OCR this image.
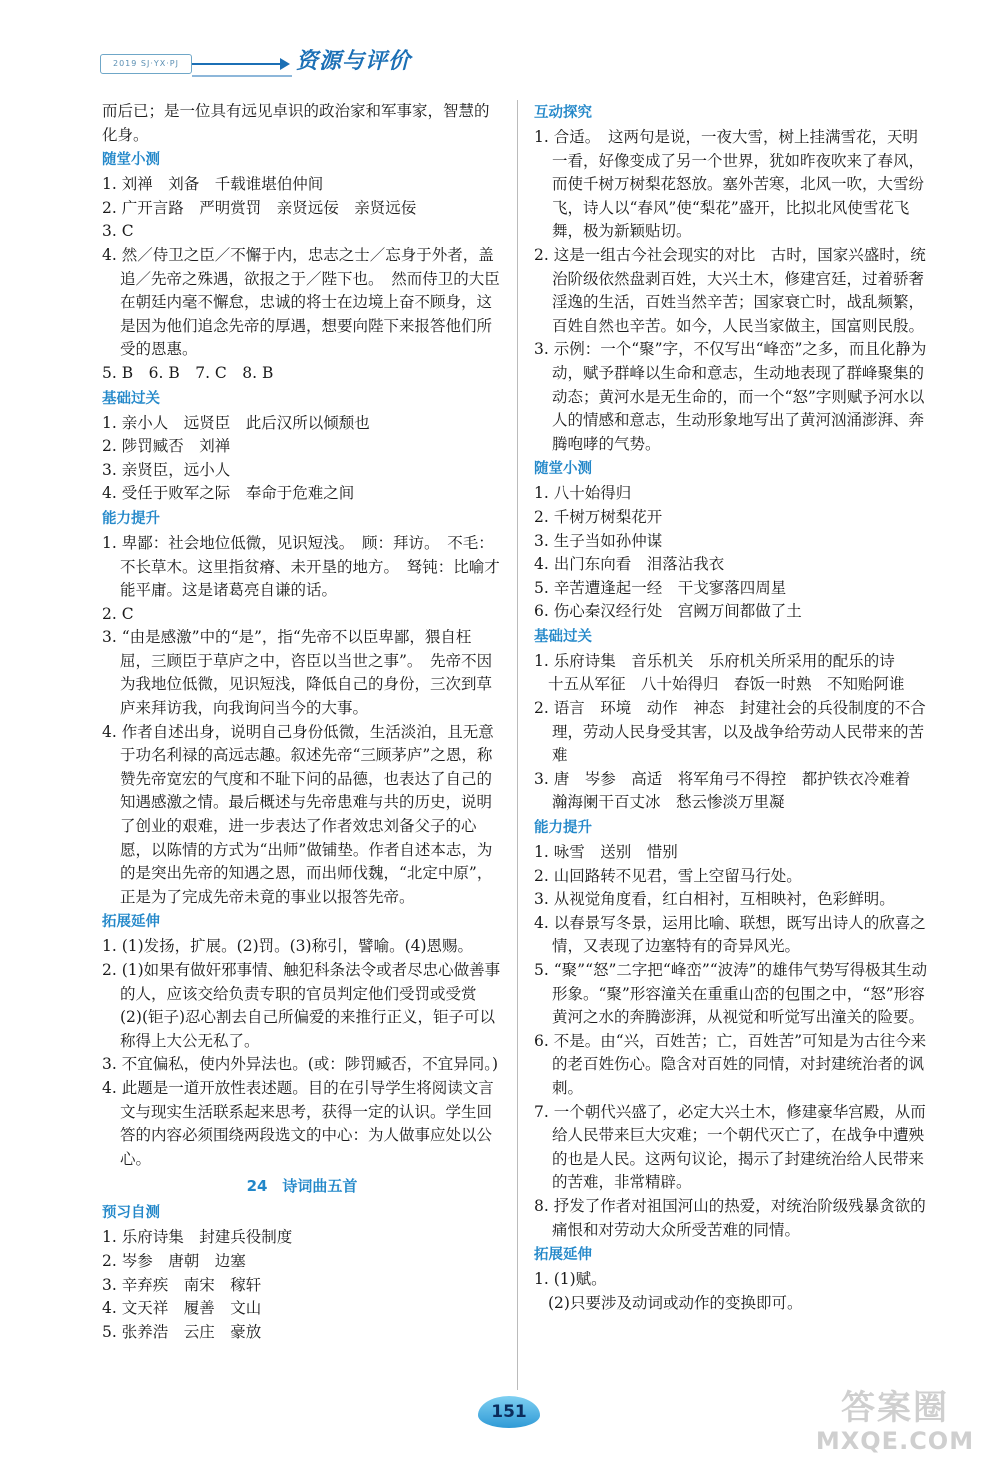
2019 SJ·YX·PJ	资源与评价
而后已；是一位具有远见卓识的政治家和军事家，智慧的化身。
随堂小测
1. 刘禅　刘备　千载谁堪伯仲间
2. 广开言路　严明赏罚　亲贤远佞　亲贤远佞
3. C
4. 然／侍卫之臣／不懈于内，忠志之士／忘身于外者，盖追／先帝之殊遇，欲报之于／陛下也。　然而侍卫的大臣在朝廷内毫不懈怠，忠诚的将士在边境上奋不顾身，这是因为他们追念先帝的厚遇，想要向陛下来报答他们所受的恩惠。
5. B　6. B　7. C　8. B
基础过关
1. 亲小人　远贤臣　此后汉所以倾颓也
2. 陟罚臧否　刘禅
3. 亲贤臣，远小人
4. 受任于败军之际　奉命于危难之间
能力提升
1. 卑鄙：社会地位低微，见识短浅。　顾：拜访。　不毛：不长草木。这里指贫瘠、未开垦的地方。　驽钝：比喻才能平庸。这是诸葛亮自谦的话。
2. C
3. “由是感激”中的“是”，指“先帝不以臣卑鄙，猥自枉屈，三顾臣于草庐之中，咨臣以当世之事”。　先帝不因为我地位低微，见识短浅，降低自己的身份，三次到草庐来拜访我，向我询问当今的大事。
4. 作者自述出身，说明自己身份低微，生活淡泊，且无意于功名利禄的高远志趣。叙述先帝“三顾茅庐”之恩，称赞先帝宽宏的气度和不耻下问的品德，也表达了自己的知遇感激之情。最后概述与先帝患难与共的历史，说明了创业的艰难，进一步表达了作者效忠刘备父子的心愿，以陈情的方式为“出师”做铺垫。作者自述本志，为的是突出先帝的知遇之恩，而出师伐魏，“北定中原”，正是为了完成先帝未竟的事业以报答先帝。
拓展延伸
1. (1)发扬，扩展。(2)罚。(3)称引，譬喻。(4)恩赐。
2. (1)如果有做奸邪事情、触犯科条法令或者尽忠心做善事的人，应该交给负责专职的官员判定他们受罚或受赏　(2)(钜子)忍心割去自己所偏爱的来推行正义，钜子可以称得上大公无私了。
3. 不宜偏私，使内外异法也。(或：陟罚臧否，不宜异同。)
4. 此题是一道开放性表述题。目的在引导学生将阅读文言文与现实生活联系起来思考，获得一定的认识。学生回答的内容必须围绕两段选文的中心：为人做事应处以公心。
24　诗词曲五首
预习自测
1. 乐府诗集　封建兵役制度
2. 岑参　唐朝　边塞
3. 辛弃疾　南宋　稼轩
4. 文天祥　履善　文山
5. 张养浩　云庄　豪放
互动探究
1. 合适。　这两句是说，一夜大雪，树上挂满雪花，天明一看，好像变成了另一个世界，犹如昨夜吹来了春风，而使千树万树梨花怒放。塞外苦寒，北风一吹，大雪纷飞，诗人以“春风”使“梨花”盛开，比拟北风使雪花飞舞，极为新颖贴切。
2. 这是一组古今社会现实的对比　古时，国家兴盛时，统治阶级依然盘剥百姓，大兴土木，修建宫廷，过着骄奢淫逸的生活，百姓当然辛苦；国家衰亡时，战乱频繁，百姓自然也辛苦。如今，人民当家做主，国富则民殷。
3. 示例：一个“聚”字，不仅写出“峰峦”之多，而且化静为动，赋予群峰以生命和意志，生动地表现了群峰聚集的动态；黄河水是无生命的，而一个“怒”字则赋予河水以人的情感和意志，生动形象地写出了黄河汹涌澎湃、奔腾咆哮的气势。
随堂小测
1. 八十始得归
2. 千树万树梨花开
3. 生子当如孙仲谋
4. 出门东向看　泪落沾我衣
5. 辛苦遭逢起一经　干戈寥落四周星
6. 伤心秦汉经行处　宫阙万间都做了土
基础过关
1. 乐府诗集　音乐机关　乐府机关所采用的配乐的诗
十五从军征　八十始得归　舂饭一时熟　不知贻阿谁
2. 语言　环境　动作　神态　封建社会的兵役制度的不合理，劳动人民身受其害，以及战争给劳动人民带来的苦难
3. 唐　岑参　高适　将军角弓不得控　都护铁衣冷难着　瀚海阑干百丈冰　愁云惨淡万里凝
能力提升
1. 咏雪　送别　惜别
2. 山回路转不见君，雪上空留马行处。
3. 从视觉角度看，红白相衬，互相映衬，色彩鲜明。
4. 以春景写冬景，运用比喻、联想，既写出诗人的欣喜之情，又表现了边塞特有的奇异风光。
5. “聚”“怒”二字把“峰峦”“波涛”的雄伟气势写得极其生动形象。“聚”形容潼关在重重山峦的包围之中，“怒”形容黄河之水的奔腾澎湃，从视觉和听觉写出潼关的险要。
6. 不是。由“兴，百姓苦；亡，百姓苦”可知是为古往今来的老百姓伤心。隐含对百姓的同情，对封建统治者的讽刺。
7. 一个朝代兴盛了，必定大兴土木，修建豪华宫殿，从而给人民带来巨大灾难；一个朝代灭亡了，在战争中遭殃的也是人民。这两句议论，揭示了封建统治给人民带来的苦难，非常精辟。
8. 抒发了作者对祖国河山的热爱，对统治阶级残暴贪欲的痛恨和对劳动大众所受苦难的同情。
拓展延伸
1. (1)赋。
(2)只要涉及动词或动作的变换即可。
151	答案圈
MXQE.COM
